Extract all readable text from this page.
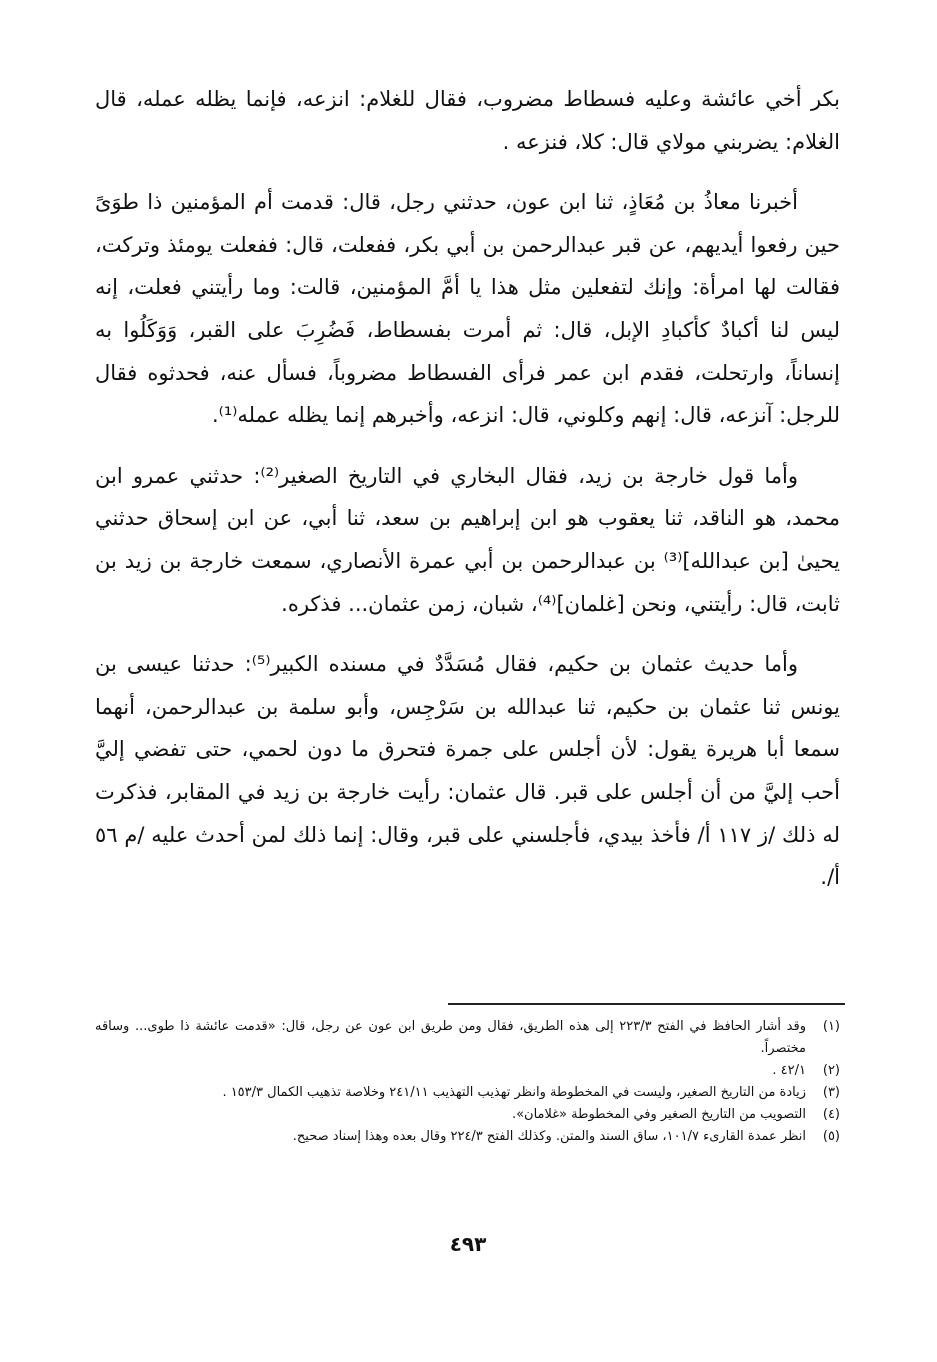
بكر أخي عائشة وعليه فسطاط مضروب، فقال للغلام: انزعه، فإنما يظله عمله، قال الغلام: يضربني مولاي قال: كلا، فنزعه .

أخبرنا معاذُ بن مُعَاذٍ، ثنا ابن عون، حدثني رجل، قال: قدمت أم المؤمنين ذا طوَىً حين رفعوا أيديهم، عن قبر عبدالرحمن بن أبي بكر، ففعلت، قال: ففعلت يومئذ وتركت، فقالت لها امرأة: وإنك لتفعلين مثل هذا يا أمَّ المؤمنين، قالت: وما رأيتني فعلت، إنه ليس لنا أكبادٌ كأكبادِ الإبل، قال: ثم أمرت بفسطاط، فَضُرِبَ على القبر، وَوَكَلُوا به إنساناً، وارتحلت، فقدم ابن عمر فرأى الفسطاط مضروباً، فسأل عنه، فحدثوه فقال للرجل: آنزعه، قال: إنهم وكلوني، قال: انزعه، وأخبرهم إنما يظله عمله⁽¹⁾.

وأما قول خارجة بن زيد، فقال البخاري في التاريخ الصغير⁽²⁾: حدثني عمرو ابن محمد، هو الناقد، ثنا يعقوب هو ابن إبراهيم بن سعد، ثنا أبي، عن ابن إسحاق حدثني يحيىٰ [بن عبدالله]⁽³⁾ بن عبدالرحمن بن أبي عمرة الأنصاري، سمعت خارجة بن زيد بن ثابت، قال: رأيتني، ونحن [غلمان]⁽⁴⁾، شبان، زمن عثمان... فذكره.

وأما حديث عثمان بن حكيم، فقال مُسَدَّدٌ في مسنده الكبير⁽⁵⁾: حدثنا عيسى بن يونس ثنا عثمان بن حكيم، ثنا عبدالله بن سَرْجِس، وأبو سلمة بن عبدالرحمن، أنهما سمعا أبا هريرة يقول: لأن أجلس على جمرة فتحرق ما دون لحمي، حتى تفضي إليَّ أحب إليَّ من أن أجلس على قبر. قال عثمان: رأيت خارجة بن زيد في المقابر، فذكرت له ذلك /ز ١١٧ أ/ فأخذ بيدي، فأجلسني على قبر، وقال: إنما ذلك لمن أحدث عليه /م ٥٦ أ/.

(١)
وقد أشار الحافظ في الفتح ٢٢٣/٣ إلى هذه الطريق، فقال ومن طريق ابن عون عن رجل، قال: «قدمت عائشة ذا طوى... وساقه مختصراً.
(٢)
٤٢/١ .
(٣)
زيادة من التاريخ الصغير، وليست في المخطوطة وانظر تهذيب التهذيب ٢٤١/١١ وخلاصة تذهيب الكمال ١٥٣/٣ .
(٤)
التصويب من التاريخ الصغير وفي المخطوطة «غلامان».
(٥)
انظر عمدة القارىء ١٠١/٧، ساق السند والمتن. وكذلك الفتح ٢٢٤/٣ وقال بعده وهذا إسناد صحيح.
٤٩٣
